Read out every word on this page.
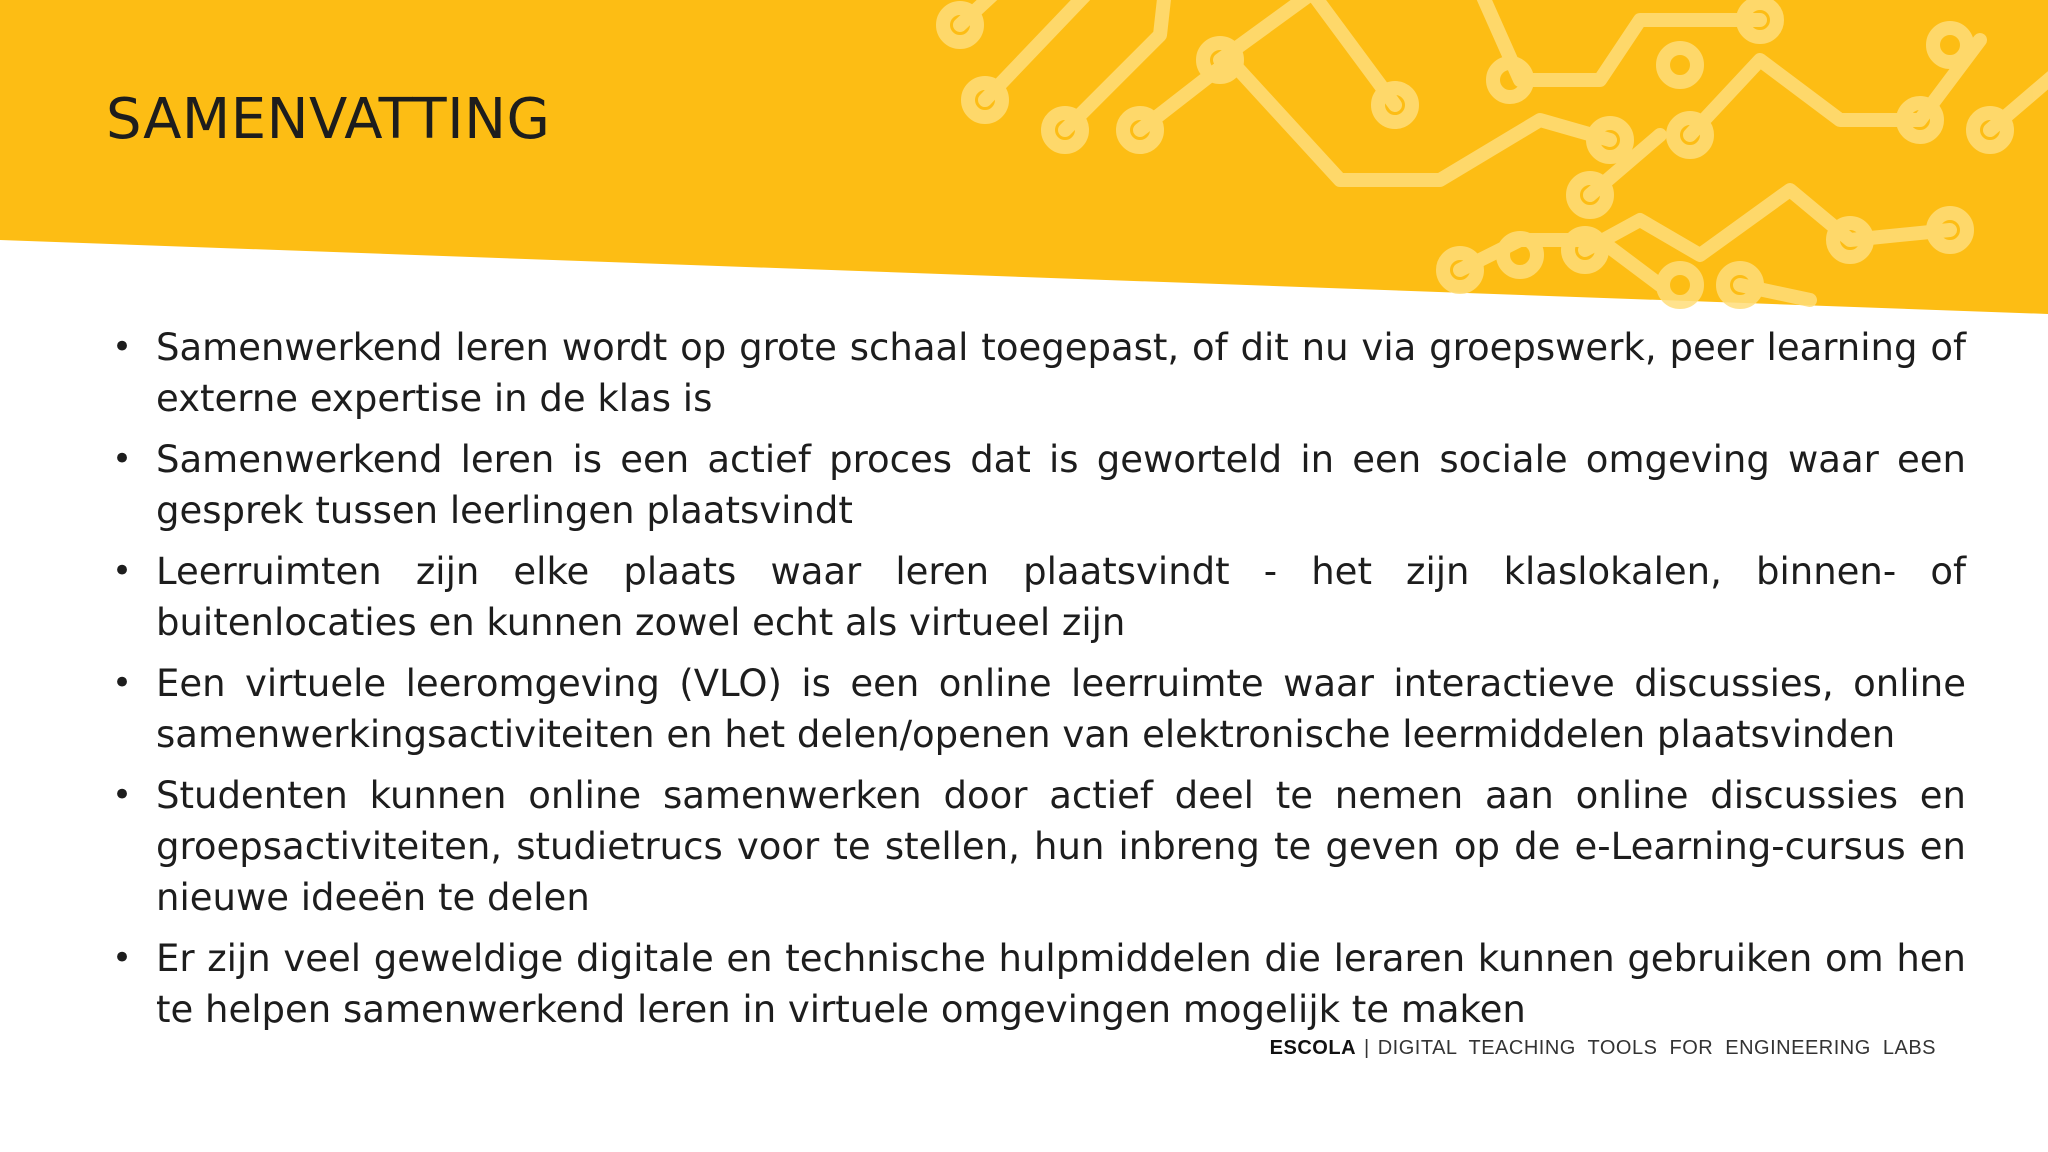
SAMENVATTING
• Samenwerkend leren wordt op grote schaal toegepast, of dit nu via groepswerk, peer learning of externe expertise in de klas is
• Samenwerkend leren is een actief proces dat is geworteld in een sociale omgeving waar een gesprek tussen leerlingen plaatsvindt
• Leerruimten zijn elke plaats waar leren plaatsvindt - het zijn klaslokalen, binnen- of buitenlocaties en kunnen zowel echt als virtueel zijn
• Een virtuele leeromgeving (VLO) is een online leerruimte waar interactieve discussies, online samenwerkingsactiviteiten en het delen/openen van elektronische leermiddelen plaatsvinden
• Studenten kunnen online samenwerken door actief deel te nemen aan online discussies en groepsactiviteiten, studietrucs voor te stellen, hun inbreng te geven op de e-Learning-cursus en nieuwe ideeën te delen
• Er zijn veel geweldige digitale en technische hulpmiddelen die leraren kunnen gebruiken om hen te helpen samenwerkend leren in virtuele omgevingen mogelijk te maken
ESCOLA | DIGITAL TEACHING TOOLS FOR ENGINEERING LABS
